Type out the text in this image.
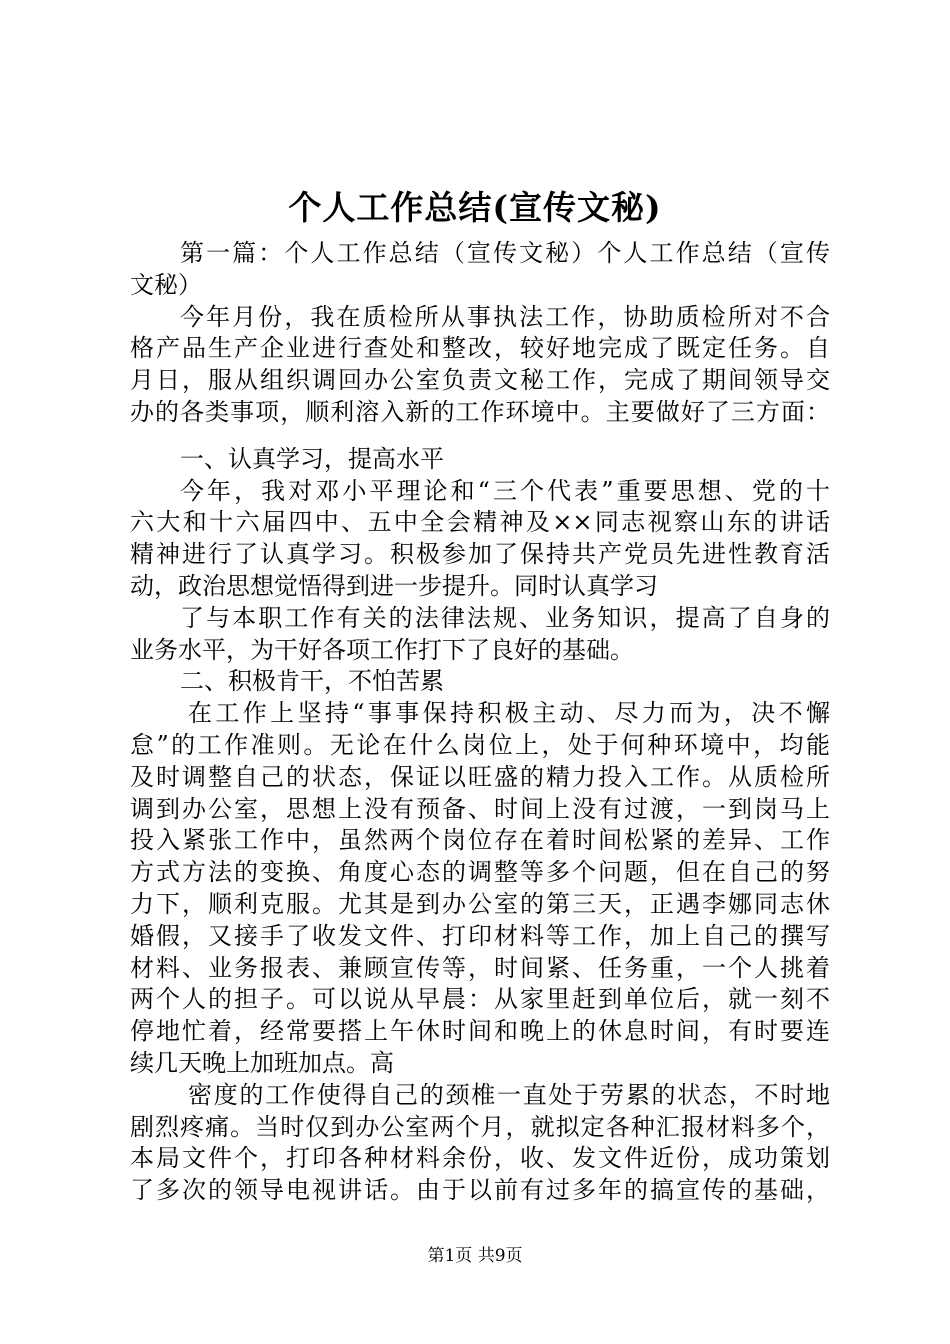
个人工作总结(宣传文秘)
第一篇：个人工作总结（宣传文秘）个人工作总结（宣传
文秘）
今年月份，我在质检所从事执法工作，协助质检所对不合
格产品生产企业进行查处和整改，较好地完成了既定任务。自
月日，服从组织调回办公室负责文秘工作，完成了期间领导交
办的各类事项，顺利溶入新的工作环境中。主要做好了三方面：
一、认真学习，提高水平
今年，我对邓小平理论和“三个代表”重要思想、党的十
六大和十六届四中、五中全会精神及××同志视察山东的讲话
精神进行了认真学习。积极参加了保持共产党员先进性教育活
动，政治思想觉悟得到进一步提升。同时认真学习
了与本职工作有关的法律法规、业务知识，提高了自身的
业务水平，为干好各项工作打下了良好的基础。
二、积极肯干，不怕苦累
在工作上坚持“事事保持积极主动、尽力而为，决不懈
怠”的工作准则。无论在什么岗位上，处于何种环境中，均能
及时调整自己的状态，保证以旺盛的精力投入工作。从质检所
调到办公室，思想上没有预备、时间上没有过渡，一到岗马上
投入紧张工作中，虽然两个岗位存在着时间松紧的差异、工作
方式方法的变换、角度心态的调整等多个问题，但在自己的努
力下，顺利克服。尤其是到办公室的第三天，正遇李娜同志休
婚假，又接手了收发文件、打印材料等工作，加上自己的撰写
材料、业务报表、兼顾宣传等，时间紧、任务重，一个人挑着
两个人的担子。可以说从早晨：从家里赶到单位后，就一刻不
停地忙着，经常要搭上午休时间和晚上的休息时间，有时要连
续几天晚上加班加点。高
密度的工作使得自己的颈椎一直处于劳累的状态，不时地
剧烈疼痛。当时仅到办公室两个月，就拟定各种汇报材料多个，
本局文件个，打印各种材料余份，收、发文件近份，成功策划
了多次的领导电视讲话。由于以前有过多年的搞宣传的基础，
第1页 共9页
